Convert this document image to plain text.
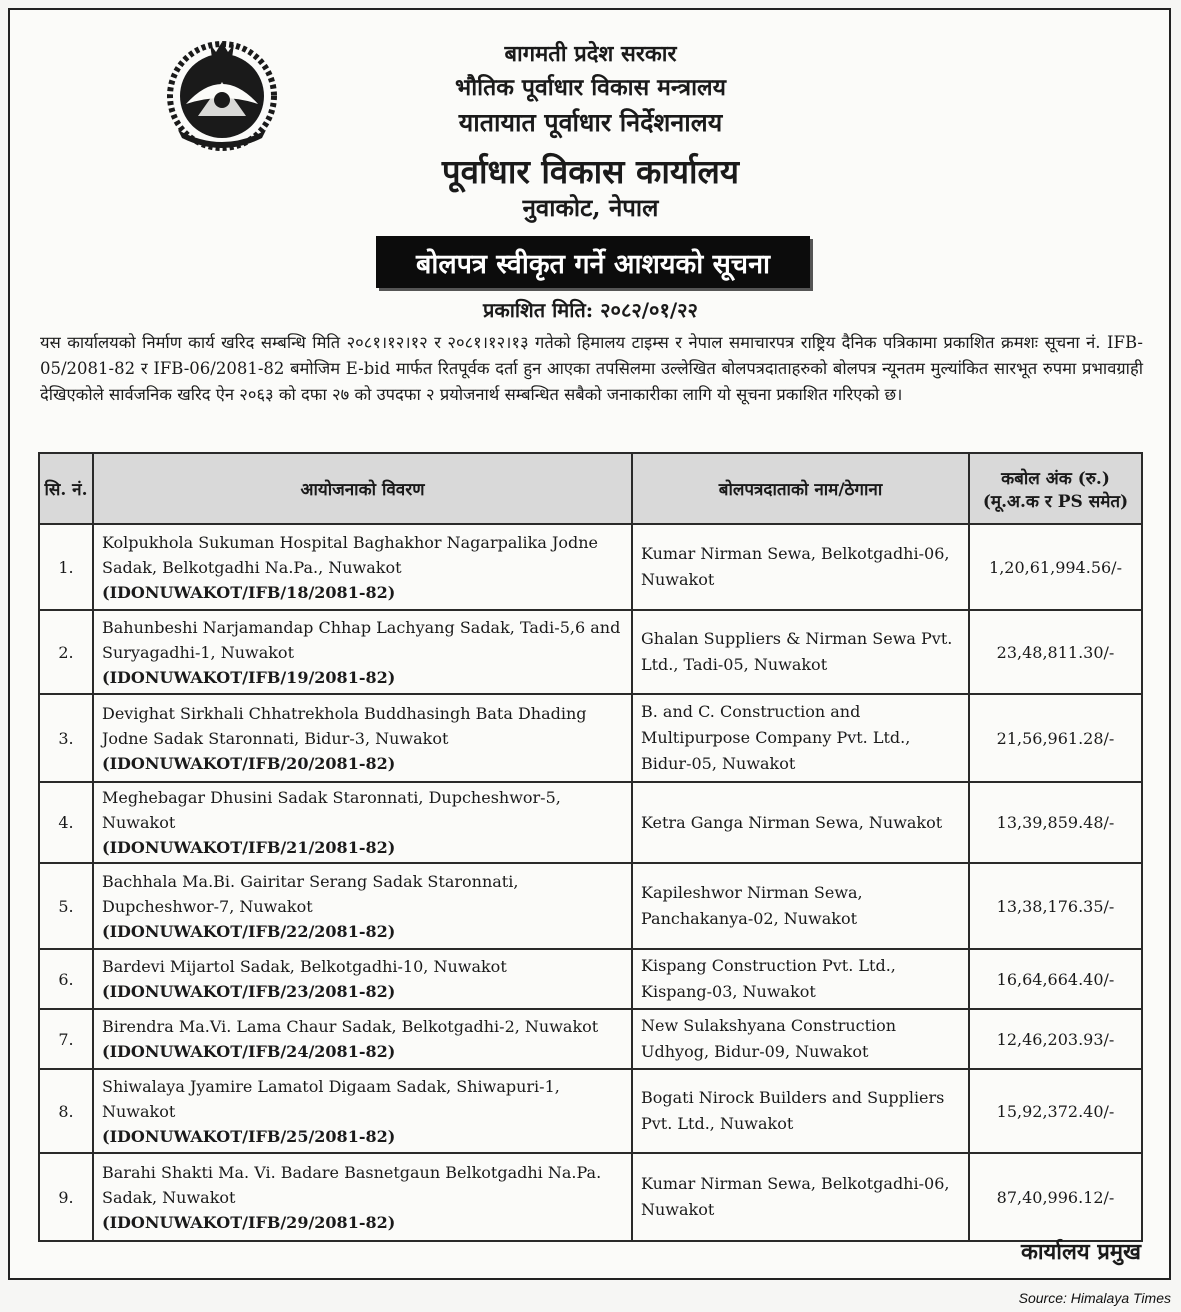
बागमती प्रदेश सरकार
भौतिक पूर्वाधार विकास मन्त्रालय
यातायात पूर्वाधार निर्देशनालय
पूर्वाधार विकास कार्यालय
नुवाकोट, नेपाल
बोलपत्र स्वीकृत गर्ने आशयको सूचना
प्रकाशित मिति: २०८२/०१/२२
यस कार्यालयको निर्माण कार्य खरिद सम्बन्धि मिति २०८१।१२।१२ र २०८१।१२।१३ गतेको हिमालय टाइम्स र नेपाल समाचारपत्र राष्ट्रिय दैनिक पत्रिकामा प्रकाशित क्रमशः सूचना नं. IFB-05/2081-82 र IFB-06/2081-82 बमोजिम E-bid मार्फत रितपूर्वक दर्ता हुन आएका तपसिलमा उल्लेखित बोलपत्रदाताहरुको बोलपत्र न्यूनतम मुल्यांकित सारभूत रुपमा प्रभावग्राही देखिएकोले सार्वजनिक खरिद ऐन २०६३ को दफा २७ को उपदफा २ प्रयोजनार्थ सम्बन्धित सबैको जनाकारीका लागि यो सूचना प्रकाशित गरिएको छ।
सि. नं.	आयोजनाको विवरण	बोलपत्रदाताको नाम/ठेगाना	कबोल अंक (रु.)
(मू.अ.क र PS समेत)
1.	Kolpukhola Sukuman Hospital Baghakhor Nagarpalika Jodne Sadak, Belkotgadhi Na.Pa., Nuwakot
(IDONUWAKOT/IFB/18/2081-82)	Kumar Nirman Sewa, Belkotgadhi-06, Nuwakot	1,20,61,994.56/-
2.	Bahunbeshi Narjamandap Chhap Lachyang Sadak, Tadi-5,6 and Suryagadhi-1, Nuwakot
(IDONUWAKOT/IFB/19/2081-82)	Ghalan Suppliers & Nirman Sewa Pvt. Ltd., Tadi-05, Nuwakot	23,48,811.30/-
3.	Devighat Sirkhali Chhatrekhola Buddhasingh Bata Dhading Jodne Sadak Staronnati, Bidur-3, Nuwakot
(IDONUWAKOT/IFB/20/2081-82)	B. and C. Construction and Multipurpose Company Pvt. Ltd., Bidur-05, Nuwakot	21,56,961.28/-
4.	Meghebagar Dhusini Sadak Staronnati, Dupcheshwor-5, Nuwakot
(IDONUWAKOT/IFB/21/2081-82)	Ketra Ganga Nirman Sewa, Nuwakot	13,39,859.48/-
5.	Bachhala Ma.Bi. Gairitar Serang Sadak Staronnati, Dupcheshwor-7, Nuwakot
(IDONUWAKOT/IFB/22/2081-82)	Kapileshwor Nirman Sewa, Panchakanya-02, Nuwakot	13,38,176.35/-
6.	Bardevi Mijartol Sadak, Belkotgadhi-10, Nuwakot
(IDONUWAKOT/IFB/23/2081-82)	Kispang Construction Pvt. Ltd., Kispang-03, Nuwakot	16,64,664.40/-
7.	Birendra Ma.Vi. Lama Chaur Sadak, Belkotgadhi-2, Nuwakot
(IDONUWAKOT/IFB/24/2081-82)	New Sulakshyana Construction Udhyog, Bidur-09, Nuwakot	12,46,203.93/-
8.	Shiwalaya Jyamire Lamatol Digaam Sadak, Shiwapuri-1, Nuwakot
(IDONUWAKOT/IFB/25/2081-82)	Bogati Nirock Builders and Suppliers Pvt. Ltd., Nuwakot	15,92,372.40/-
9.	Barahi Shakti Ma. Vi. Badare Basnetgaun Belkotgadhi Na.Pa. Sadak, Nuwakot
(IDONUWAKOT/IFB/29/2081-82)	Kumar Nirman Sewa, Belkotgadhi-06, Nuwakot	87,40,996.12/-
कार्यालय प्रमुख
Source: Himalaya Times
